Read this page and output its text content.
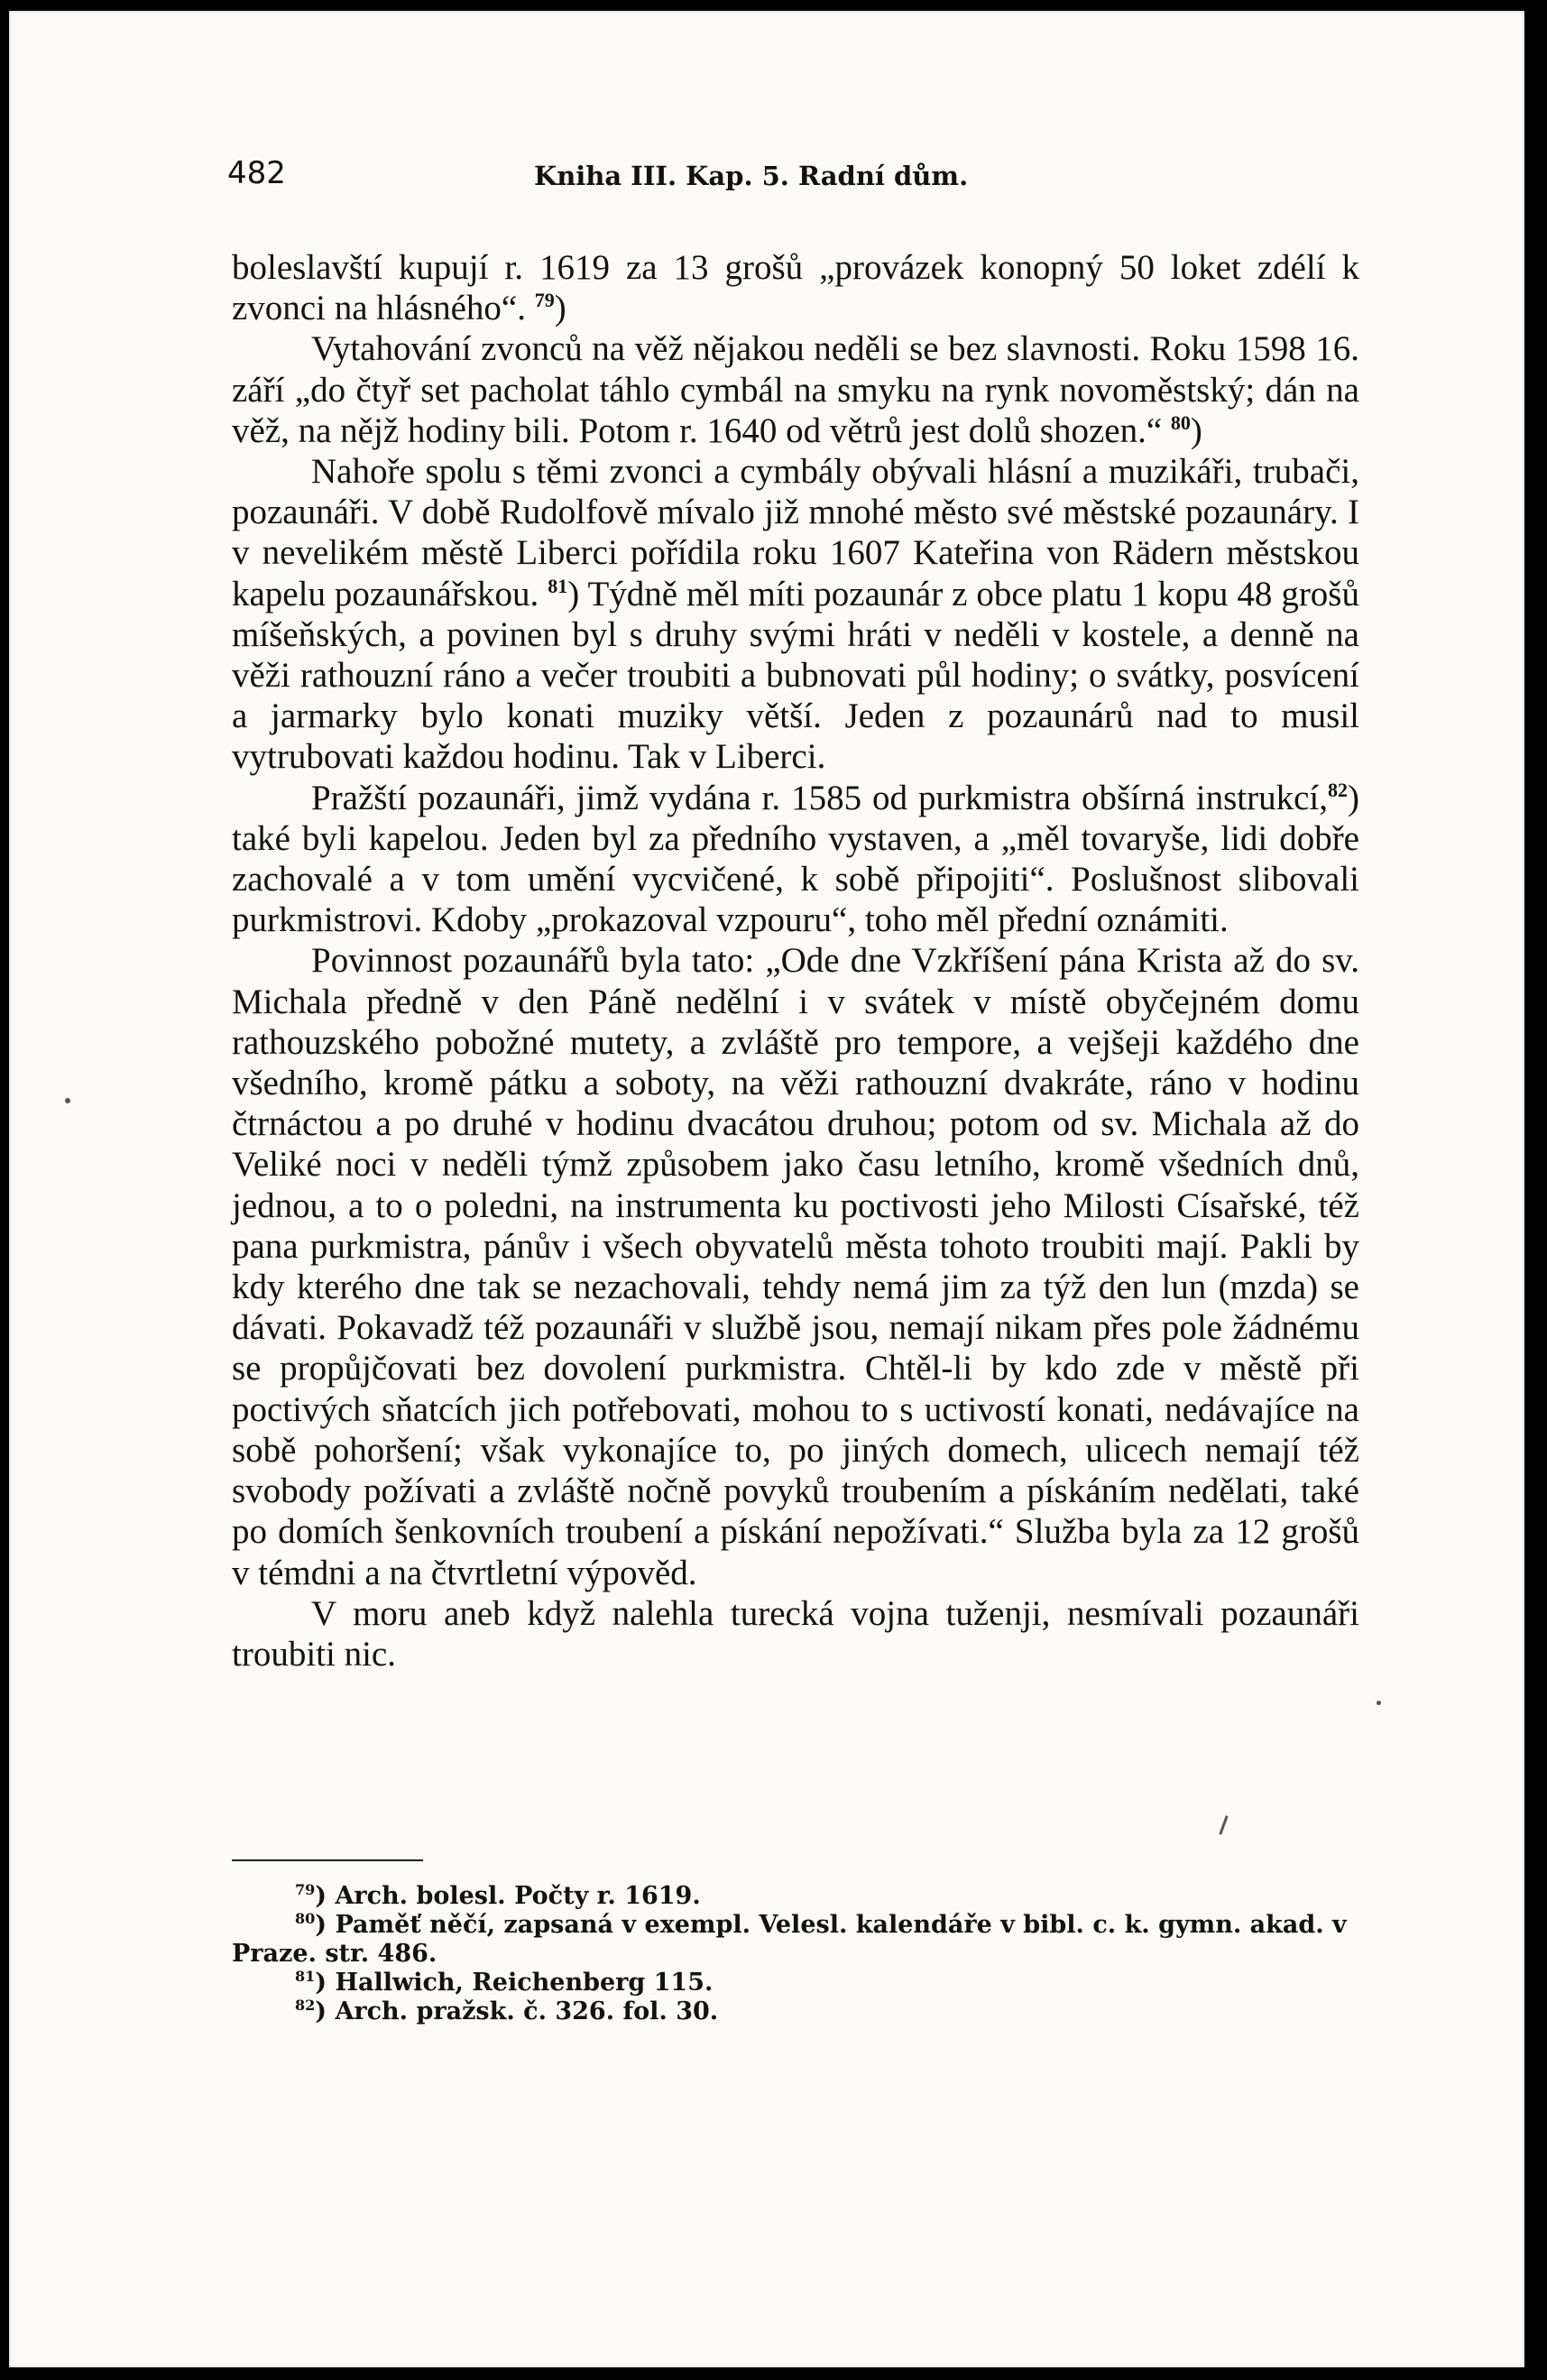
482	Kniha III. Kap. 5. Radní dům.

boleslavští kupují r. 1619 za 13 grošů „provázek konopný 50 loket zdélí k zvonci na hlásného“. $^{79}$)

Vytahování zvonců na věž nějakou neděli se bez slavnosti. Roku 1598 16. září „do čtyř set pacholat táhlo cymbál na smyku na rynk novoměstský; dán na věž, na nějž hodiny bili. Potom r. 1640 od větrů jest dolů shozen.“ $^{80}$)

Nahoře spolu s těmi zvonci a cymbály obývali hlásní a muzikáři, trubači, pozaunáři. V době Rudolfově mívalo již mnohé město své městské pozaunáry. I v nevelikém městě Liberci pořídila roku 1607 Kateřina von Rädern městskou kapelu pozaunářskou. $^{81}$) Týdně měl míti pozaunár z obce platu 1 kopu 48 grošů míšeňských, a povinen byl s druhy svými hráti v neděli v kostele, a denně na věži rathouzní ráno a večer troubiti a bubnovati půl hodiny; o svátky, posvícení a jarmarky bylo konati muziky větší. Jeden z pozaunárů nad to musil vytrubovati každou hodinu. Tak v Liberci.

Pražští pozaunáři, jimž vydána r. 1585 od purkmistra obšírná instrukcí,$^{82}$) také byli kapelou. Jeden byl za předního vystaven, a „měl tovaryše, lidi dobře zachovalé a v tom umění vycvičené, k sobě připojiti“. Poslušnost slibovali purkmistrovi. Kdoby „prokazoval vzpouru“, toho měl přední oznámiti.

Povinnost pozaunářů byla tato: „Ode dne Vzkříšení pána Krista až do sv. Michala předně v den Páně nedělní i v svátek v místě obyčejném domu rathouzského pobožné mutety, a zvláště pro tempore, a vejšeji každého dne všedního, kromě pátku a soboty, na věži rathouzní dvakráte, ráno v hodinu čtrnáctou a po druhé v hodinu dvacátou druhou; potom od sv. Michala až do Veliké noci v neděli týmž způsobem jako času letního, kromě všedních dnů, jednou, a to o poledni, na instrumenta ku poctivosti jeho Milosti Císařské, též pana purkmistra, pánův i všech obyvatelů města tohoto troubiti mají. Pakli by kdy kterého dne tak se nezachovali, tehdy nemá jim za týž den lun (mzda) se dávati. Pokavadž též pozaunáři v službě jsou, nemají nikam přes pole žádnému se propůjčovati bez dovolení purkmistra. Chtěl-li by kdo zde v městě při poctivých sňatcích jich potřebovati, mohou to s uctivostí konati, nedávajíce na sobě pohoršení; však vykonajíce to, po jiných domech, ulicech nemají též svobody požívati a zvláště nočně povyků troubením a pískáním nedělati, také po domích šenkovních troubení a pískání nepožívati.“ Služba byla za 12 grošů v témdni a na čtvrtletní výpověd.

V moru aneb když nalehla turecká vojna tuženji, nesmívali pozaunáři troubiti nic.

$^{79}$) Arch. bolesl. Počty r. 1619.

$^{80}$) Paměť něčí, zapsaná v exempl. Velesl. kalendáře v bibl. c. k. gymn. akad. v Praze. str. 486.

$^{81}$) Hallwich, Reichenberg 115.

$^{82}$) Arch. pražsk. č. 326. fol. 30.
